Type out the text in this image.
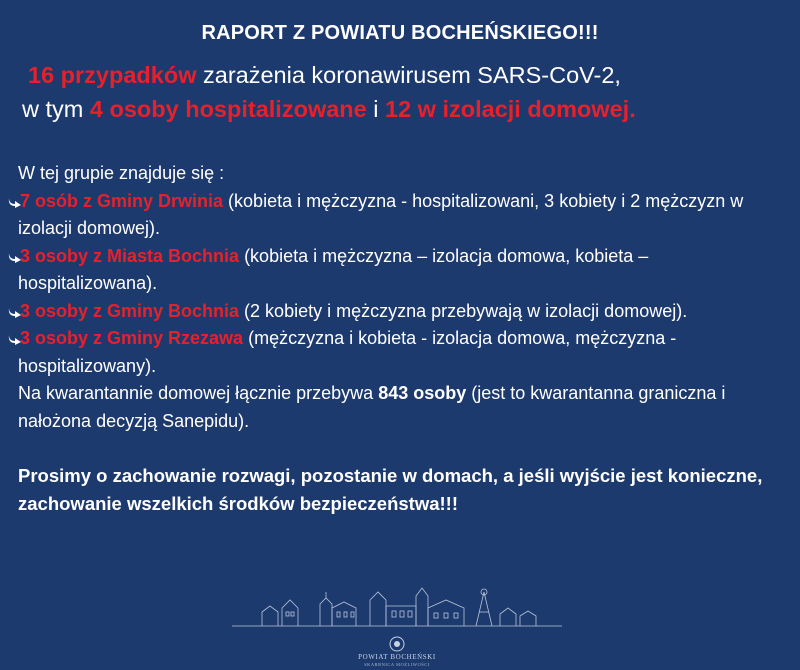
RAPORT Z POWIATU BOCHEŃSKIEGO!!!
16 przypadków zarażenia koronawirusem SARS-CoV-2,
w tym 4 osoby hospitalizowane i 12 w izolacji domowej.

W tej grupie znajduje się :

7 osób z Gminy Drwinia (kobieta i mężczyzna - hospitalizowani, 3 kobiety i 2 mężczyzn w izolacji domowej).

3 osoby z Miasta Bochnia (kobieta i mężczyzna – izolacja domowa, kobieta – hospitalizowana).

3 osoby z Gminy Bochnia (2 kobiety i mężczyzna przebywają w izolacji domowej).

3 osoby z Gminy Rzezawa (mężczyzna i kobieta - izolacja domowa, mężczyzna - hospitalizowany).

Na kwarantannie domowej łącznie przebywa 843 osoby (jest to kwarantanna graniczna i nałożona decyzją Sanepidu).

Prosimy o zachowanie rozwagi, pozostanie w domach, a jeśli wyjście jest konieczne, zachowanie wszelkich środków bezpieczeństwa!!!

POWIAT BOCHEŃSKI
SKARBNICA MOŻLIWOŚCI
